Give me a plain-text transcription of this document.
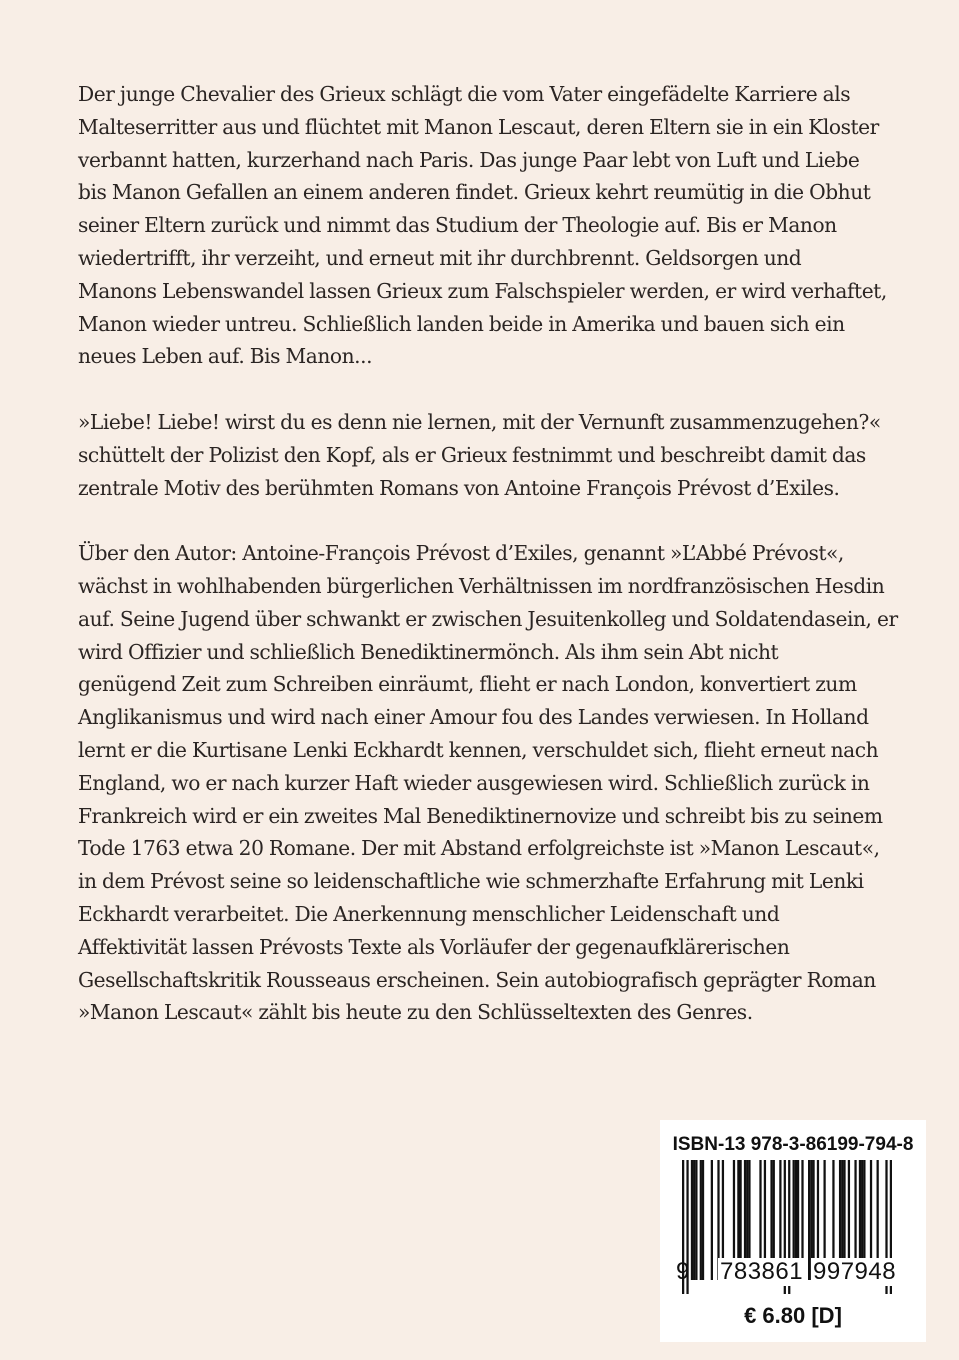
Der junge Chevalier des Grieux schlägt die vom Vater eingefädelte Karriere als
Malteserritter aus und flüchtet mit Manon Lescaut, deren Eltern sie in ein Kloster
verbannt hatten, kurzerhand nach Paris. Das junge Paar lebt von Luft und Liebe
bis Manon Gefallen an einem anderen findet. Grieux kehrt reumütig in die Obhut
seiner Eltern zurück und nimmt das Studium der Theologie auf. Bis er Manon
wiedertrifft, ihr verzeiht, und erneut mit ihr durchbrennt. Geldsorgen und
Manons Lebenswandel lassen Grieux zum Falschspieler werden, er wird verhaftet,
Manon wieder untreu. Schließlich landen beide in Amerika und bauen sich ein
neues Leben auf. Bis Manon...

»Liebe! Liebe! wirst du es denn nie lernen, mit der Vernunft zusammenzugehen?«
schüttelt der Polizist den Kopf, als er Grieux festnimmt und beschreibt damit das
zentrale Motiv des berühmten Romans von Antoine François Prévost d’Exiles.

Über den Autor: Antoine-François Prévost d’Exiles, genannt »L’Abbé Prévost«,
wächst in wohlhabenden bürgerlichen Verhältnissen im nordfranzösischen Hesdin
auf. Seine Jugend über schwankt er zwischen Jesuitenkolleg und Soldatendasein, er
wird Offizier und schließlich Benediktinermönch. Als ihm sein Abt nicht
genügend Zeit zum Schreiben einräumt, flieht er nach London, konvertiert zum
Anglikanismus und wird nach einer Amour fou des Landes verwiesen. In Holland
lernt er die Kurtisane Lenki Eckhardt kennen, verschuldet sich, flieht erneut nach
England, wo er nach kurzer Haft wieder ausgewiesen wird. Schließlich zurück in
Frankreich wird er ein zweites Mal Benediktinernovize und schreibt bis zu seinem
Tode 1763 etwa 20 Romane. Der mit Abstand erfolgreichste ist »Manon Lescaut«,
in dem Prévost seine so leidenschaftliche wie schmerzhafte Erfahrung mit Lenki
Eckhardt verarbeitet. Die Anerkennung menschlicher Leidenschaft und
Affektivität lassen Prévosts Texte als Vorläufer der gegenaufklärerischen
Gesellschaftskritik Rousseaus erscheinen. Sein autobiografisch geprägter Roman
»Manon Lescaut« zählt bis heute zu den Schlüsseltexten des Genres.

ISBN-13 978-3-86199-794-8
9 783861 997948
€ 6.80 [D]
